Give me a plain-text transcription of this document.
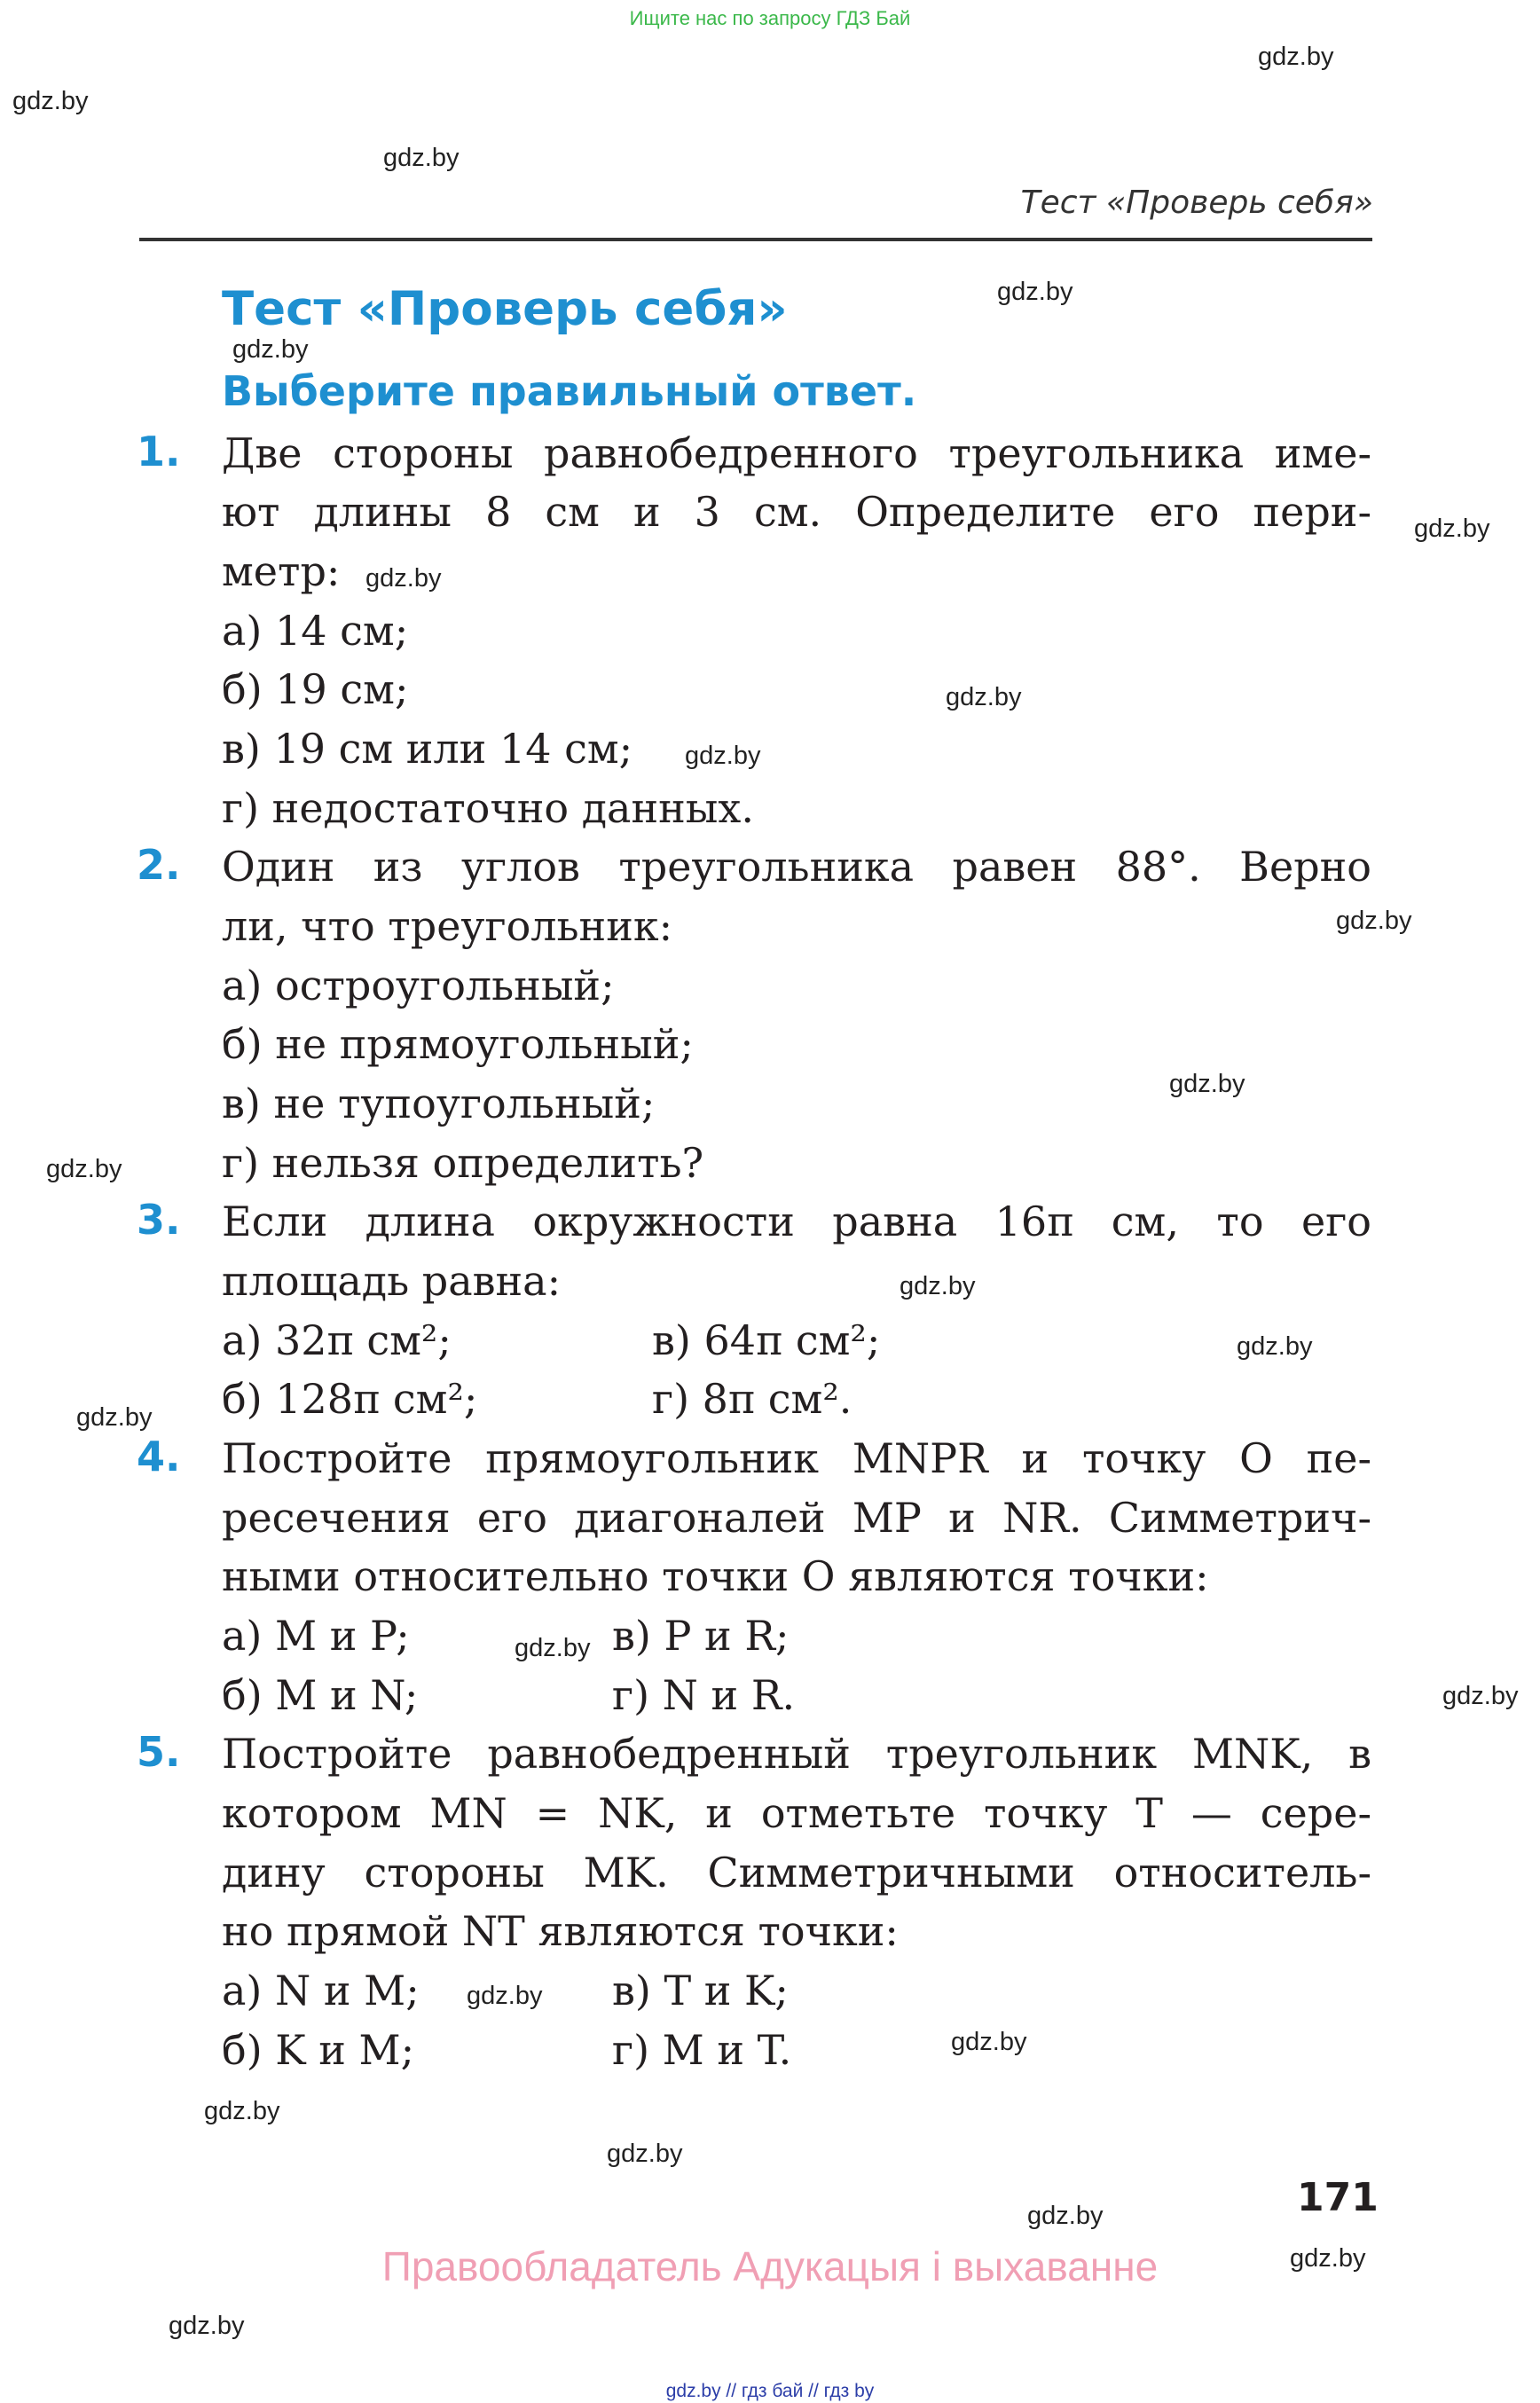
Ищите нас по запросу ГДЗ Бай
gdz.by
gdz.by
gdz.by
gdz.by
gdz.by
gdz.by
gdz.by
gdz.by
gdz.by
gdz.by
gdz.by
gdz.by
gdz.by
gdz.by
gdz.by
gdz.by
gdz.by
gdz.by
gdz.by
gdz.by
gdz.by
gdz.by
gdz.by
gdz.by
Тест «Проверь себя»
Тест «Проверь себя»
Выберите правильный ответ.
1. Две стороны равнобедренного треугольника име-
ют длины 8 см и 3 см. Определите его пери-
метр:
а) 14 см;
б) 19 см;
в) 19 см или 14 см;
г) недостаточно данных.
2. Один из углов треугольника равен 88°. Верно
ли, что треугольник:
а) остроугольный;
б) не прямоугольный;
в) не тупоугольный;
г) нельзя определить?
3. Если длина окружности равна 16π см, то его
площадь равна:
а) 32π см²;	в) 64π см²;
б) 128π см²;	г) 8π см².
4. Постройте прямоугольник MNPR и точку O пе-
ресечения его диагоналей MP и NR. Симметрич-
ными относительно точки O являются точки:
а) M и P;	в) P и R;
б) M и N;	г) N и R.
5. Постройте равнобедренный треугольник MNK, в
котором MN = NK, и отметьте точку T — сере-
дину стороны MK. Симметричными относитель-
но прямой NT являются точки:
а) N и M;	в) T и K;
б) K и M;	г) M и T.
171
Правообладатель Адукацыя і выхаванне
gdz.by // гдз бай // гдз by
